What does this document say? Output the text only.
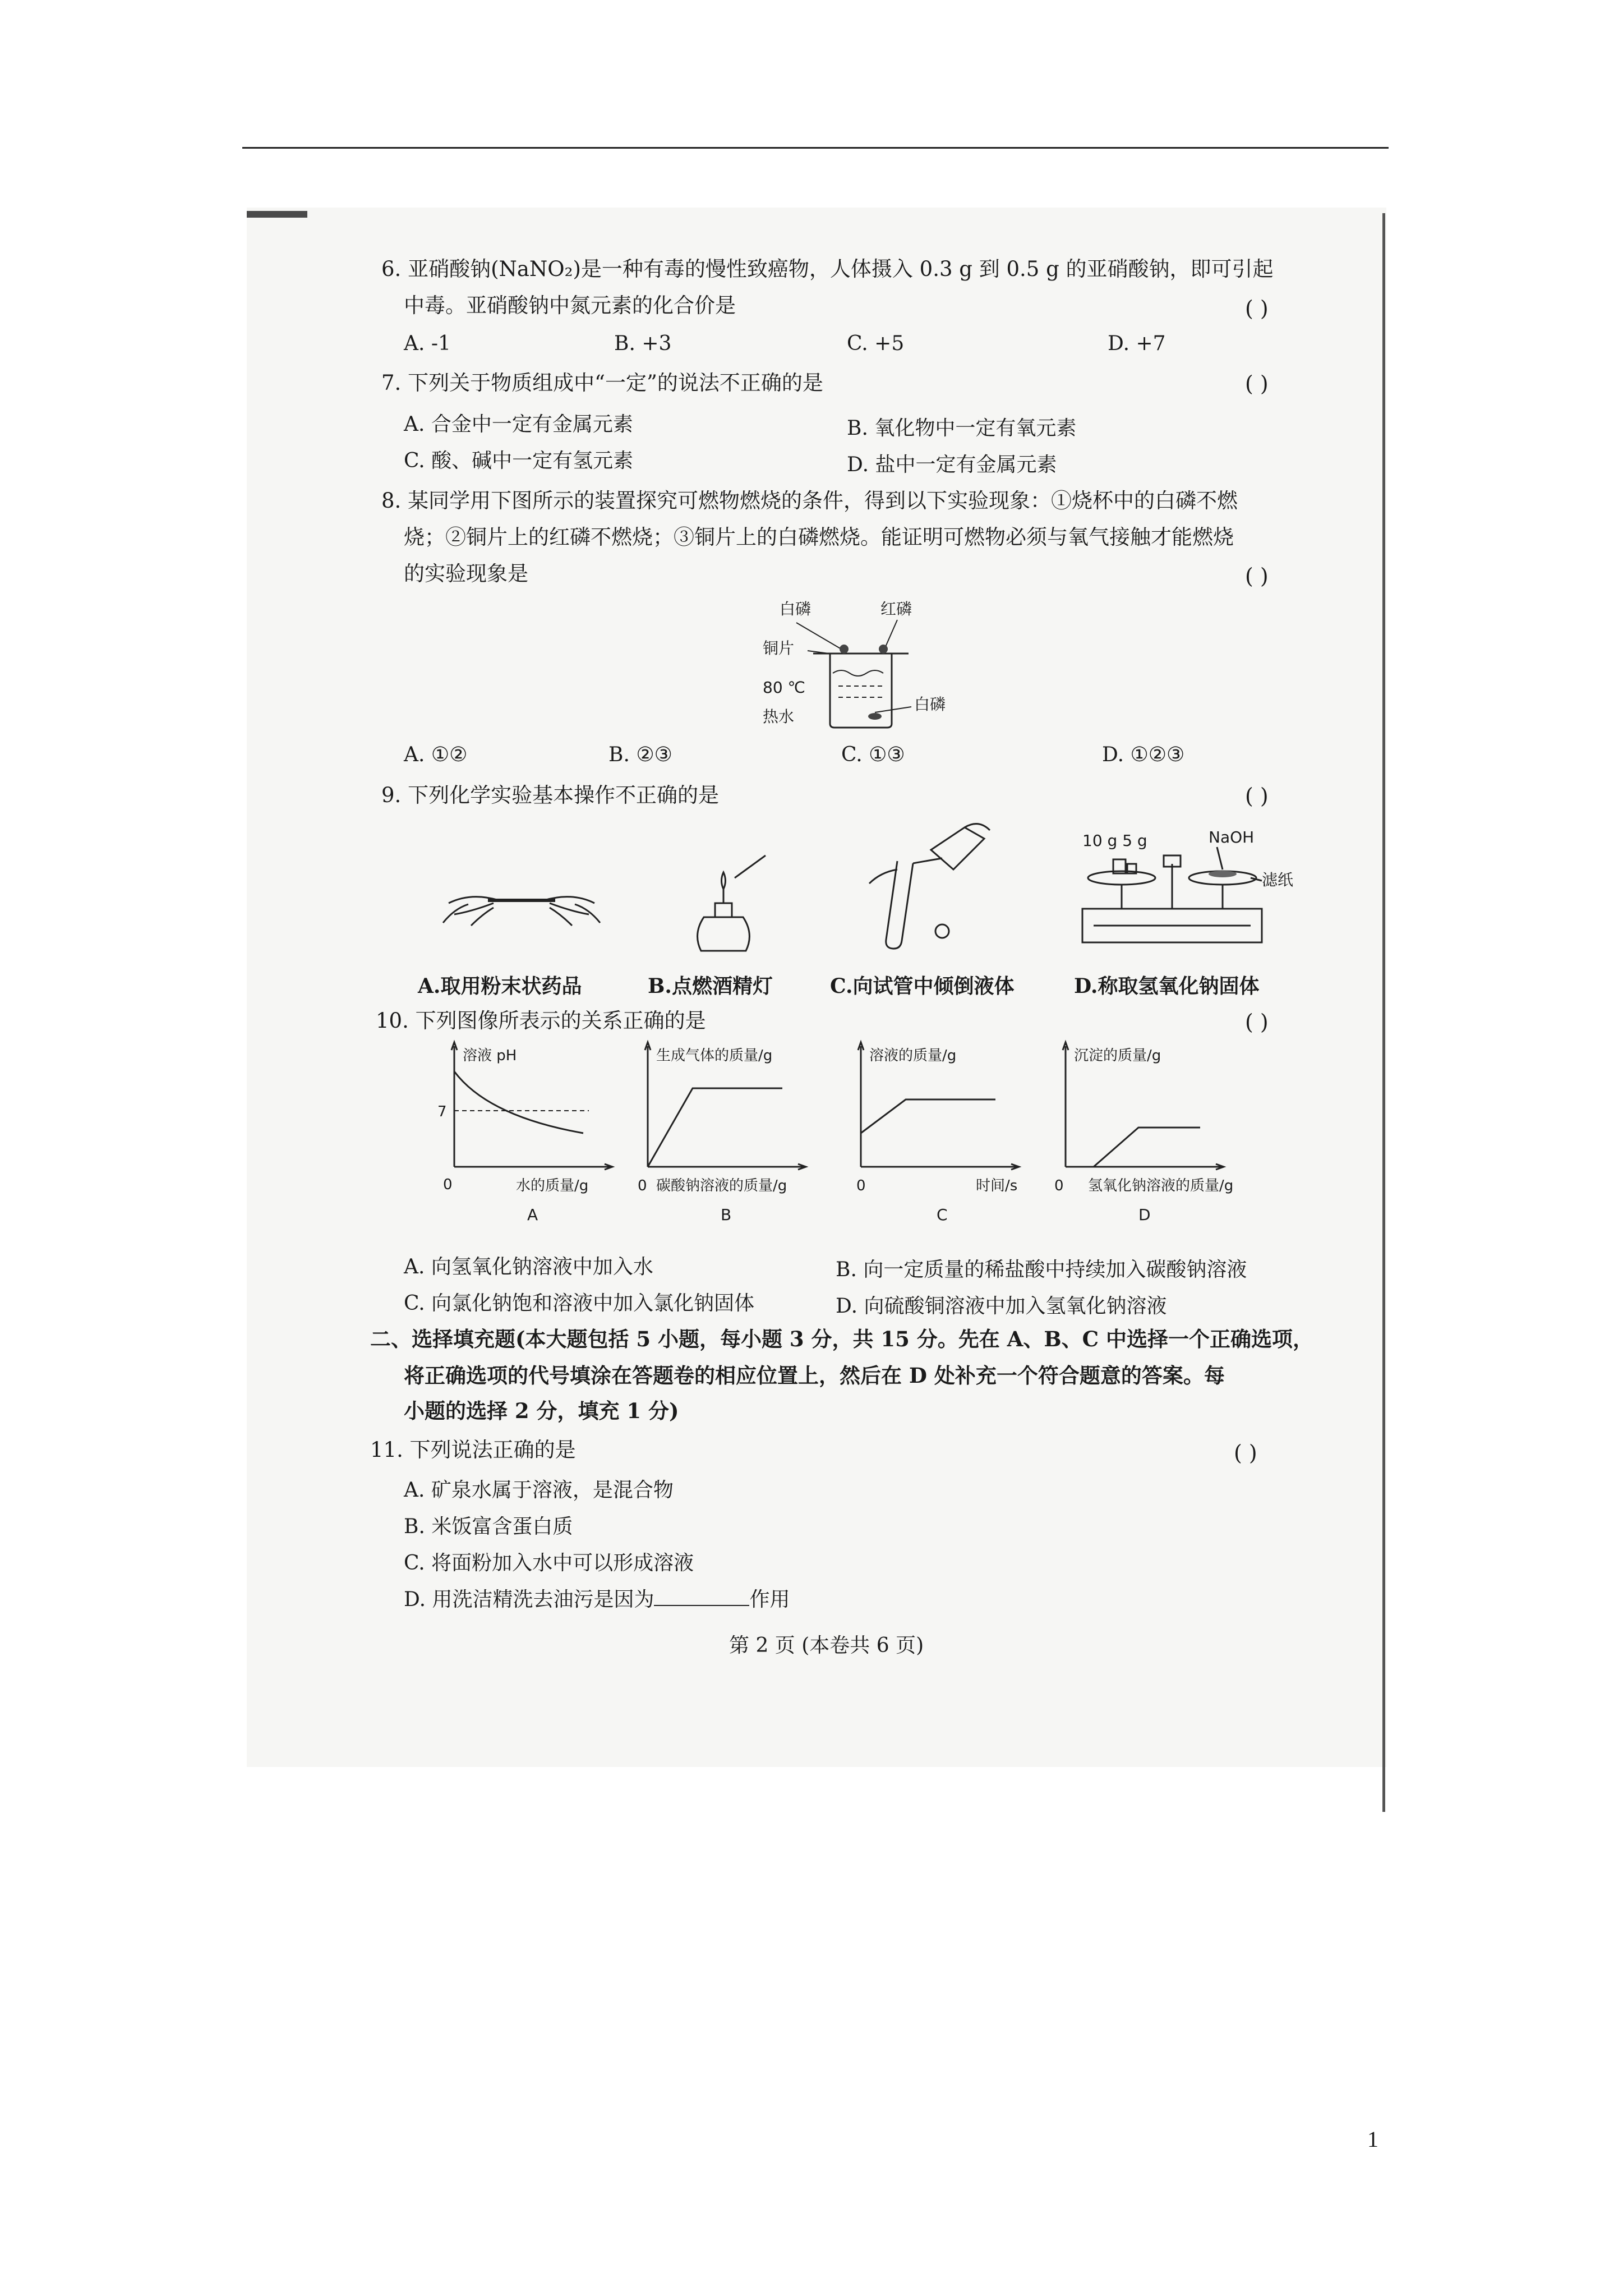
6. 亚硝酸钠(NaNO₂)是一种有毒的慢性致癌物，人体摄入 0.3 g 到 0.5 g 的亚硝酸钠，即可引起
中毒。亚硝酸钠中氮元素的化合价是	( )
A. -1	B. +3	C. +5	D. +7
7. 下列关于物质组成中“一定”的说法不正确的是	( )
A. 合金中一定有金属元素	B. 氧化物中一定有氧元素
C. 酸、碱中一定有氢元素	D. 盐中一定有金属元素
8. 某同学用下图所示的装置探究可燃物燃烧的条件，得到以下实验现象：①烧杯中的白磷不燃
烧；②铜片上的红磷不燃烧；③铜片上的白磷燃烧。能证明可燃物必须与氧气接触才能燃烧
的实验现象是	( )
白磷	红磷
铜片
80 ℃
热水
白磷
A. ①②	B. ②③	C. ①③	D. ①②③
9. 下列化学实验基本操作不正确的是	( )
10 g 5 g	NaOH
滤纸
A.取用粉末状药品	B.点燃酒精灯	C.向试管中倾倒液体	D.称取氢氧化钠固体
10. 下列图像所表示的关系正确的是	( )
溶液 pH
7
0	水的质量/g
A
生成气体的质量/g
0 碳酸钠溶液的质量/g
B
溶液的质量/g
0	时间/s
C
沉淀的质量/g
0 氢氧化钠溶液的质量/g
D
A. 向氢氧化钠溶液中加入水	B. 向一定质量的稀盐酸中持续加入碳酸钠溶液
C. 向氯化钠饱和溶液中加入氯化钠固体	D. 向硫酸铜溶液中加入氢氧化钠溶液
二、选择填充题(本大题包括 5 小题，每小题 3 分，共 15 分。先在 A、B、C 中选择一个正确选项，
将正确选项的代号填涂在答题卷的相应位置上，然后在 D 处补充一个符合题意的答案。每
小题的选择 2 分，填充 1 分)
11. 下列说法正确的是	( )
A. 矿泉水属于溶液，是混合物
B. 米饭富含蛋白质
C. 将面粉加入水中可以形成溶液
D. 用洗洁精洗去油污是因为	作用
第 2 页 (本卷共 6 页)
1
